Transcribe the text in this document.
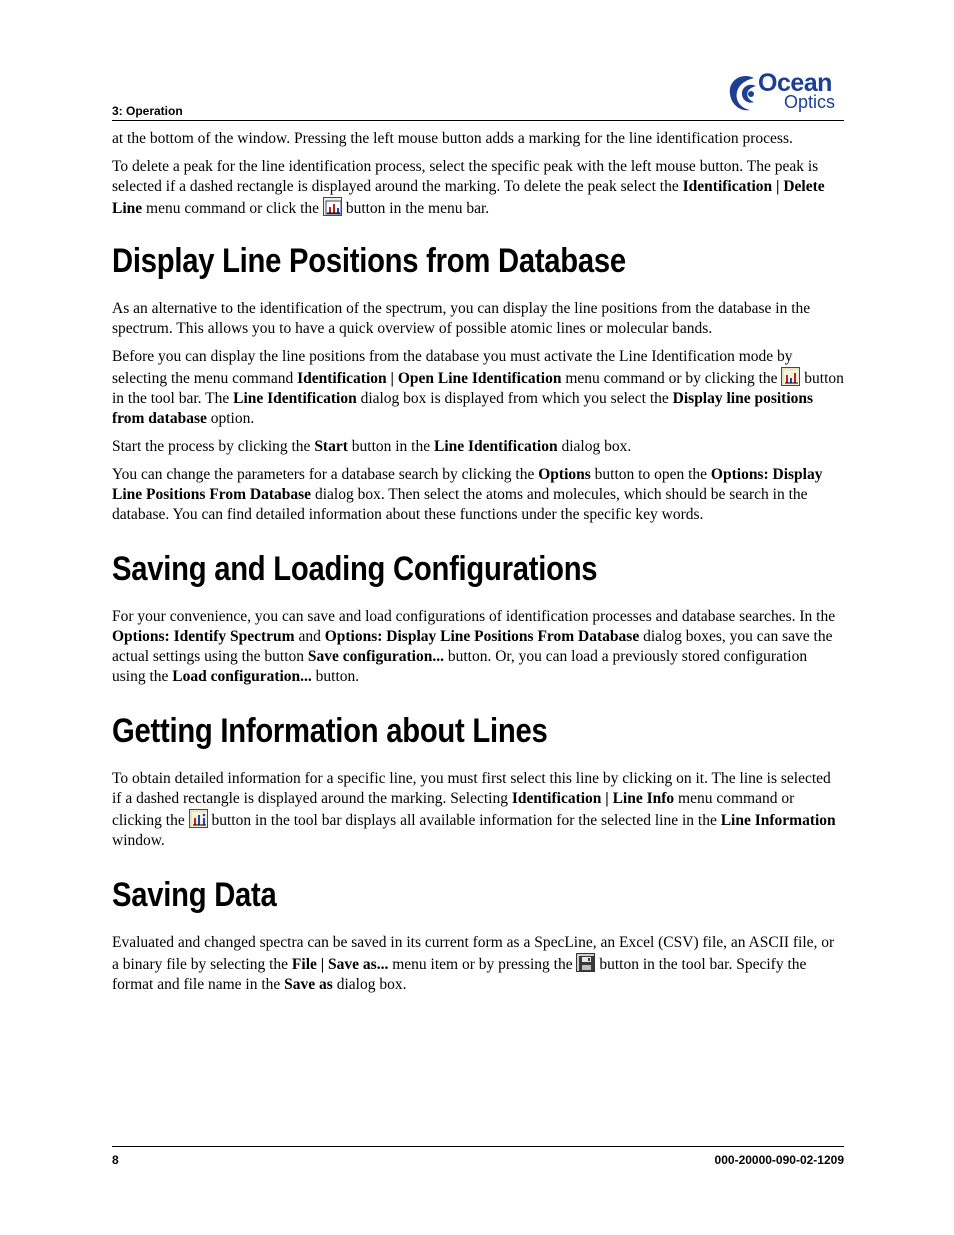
3: Operation
Ocean
Optics

at the bottom of the window. Pressing the left mouse button adds a marking for the line identification process.

To delete a peak for the line identification process, select the specific peak with the left mouse button. The peak is selected if a dashed rectangle is displayed around the marking. To delete the peak select the Identification | Delete Line menu command or click the
button in the menu bar.

Display Line Positions from Database

As an alternative to the identification of the spectrum, you can display the line positions from the database in the spectrum. This allows you to have a quick overview of possible atomic lines or molecular bands.

Before you can display the line positions from the database you must activate the Line Identification mode by selecting the menu command Identification | Open Line Identification menu command or by clicking the
button in the tool bar. The Line Identification dialog box is displayed from which you select the Display line positions from database option.

Start the process by clicking the Start button in the Line Identification dialog box.

You can change the parameters for a database search by clicking the Options button to open the Options: Display Line Positions From Database dialog box. Then select the atoms and molecules, which should be search in the database. You can find detailed information about these functions under the specific key words.

Saving and Loading Configurations

For your convenience, you can save and load configurations of identification processes and database searches. In the Options: Identify Spectrum and Options: Display Line Positions From Database dialog boxes, you can save the actual settings using the button Save configuration... button. Or, you can load a previously stored configuration using the Load configuration... button.

Getting Information about Lines

To obtain detailed information for a specific line, you must first select this line by clicking on it. The line is selected if a dashed rectangle is displayed around the marking. Selecting Identification | Line Info menu command or clicking the
button in the tool bar displays all available information for the selected line in the Line Information window.

Saving Data

Evaluated and changed spectra can be saved in its current form as a SpecLine, an Excel (CSV) file, an ASCII file, or a binary file by selecting the File | Save as... menu item or by pressing the
button in the tool bar. Specify the format and file name in the Save as dialog box.

8	000-20000-090-02-1209
